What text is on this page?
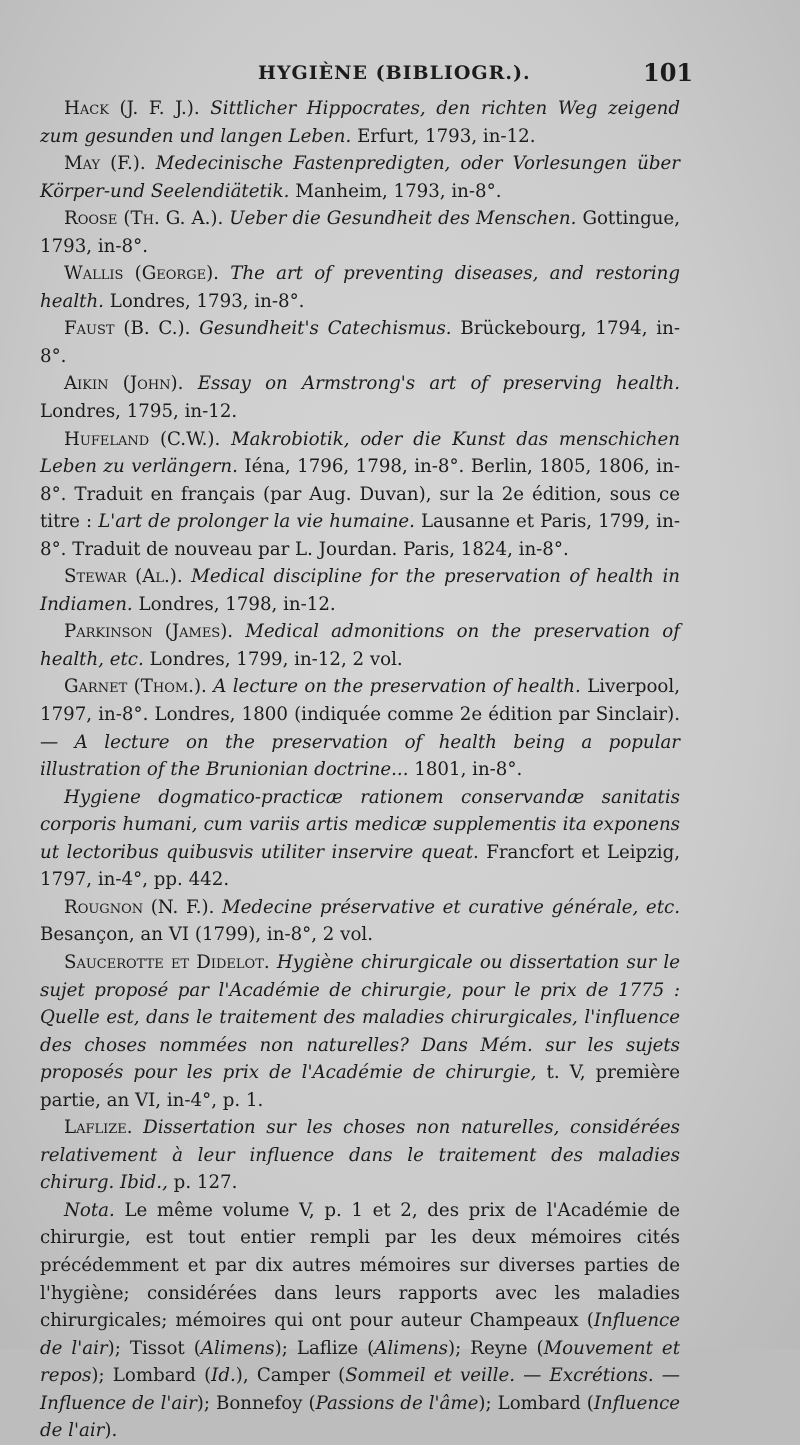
HYGIÈNE (BIBLIOGR.).	101

Hack (J. F. J.). Sittlicher Hippocrates, den richten Weg zeigend zum gesunden und langen Leben. Erfurt, 1793, in-12.

May (F.). Medecinische Fastenpredigten, oder Vorlesungen über Körper-und Seelendiätetik. Manheim, 1793, in-8°.

Roose (Th. G. A.). Ueber die Gesundheit des Menschen. Gottingue, 1793, in-8°.

Wallis (George). The art of preventing diseases, and restoring health. Londres, 1793, in-8°.

Faust (B. C.). Gesundheit's Catechismus. Brückebourg, 1794, in-8°.

Aikin (John). Essay on Armstrong's art of preserving health. Londres, 1795, in-12.

Hufeland (C.W.). Makrobiotik, oder die Kunst das menschichen Leben zu verlängern. Iéna, 1796, 1798, in-8°. Berlin, 1805, 1806, in-8°. Traduit en français (par Aug. Duvan), sur la 2e édition, sous ce titre : L'art de prolonger la vie humaine. Lausanne et Paris, 1799, in-8°. Traduit de nouveau par L. Jourdan. Paris, 1824, in-8°.

Stewar (Al.). Medical discipline for the preservation of health in Indiamen. Londres, 1798, in-12.

Parkinson (James). Medical admonitions on the preservation of health, etc. Londres, 1799, in-12, 2 vol.

Garnet (Thom.). A lecture on the preservation of health. Liverpool, 1797, in-8°. Londres, 1800 (indiquée comme 2e édition par Sinclair). — A lecture on the preservation of health being a popular illustration of the Brunionian doctrine... 1801, in-8°.

Hygiene dogmatico-practicæ rationem conservandæ sanitatis corporis humani, cum variis artis medicæ supplementis ita exponens ut lectoribus quibusvis utiliter inservire queat. Francfort et Leipzig, 1797, in-4°, pp. 442.

Rougnon (N. F.). Medecine préservative et curative générale, etc. Besançon, an VI (1799), in-8°, 2 vol.

Saucerotte et Didelot. Hygiène chirurgicale ou dissertation sur le sujet proposé par l'Académie de chirurgie, pour le prix de 1775 : Quelle est, dans le traitement des maladies chirurgicales, l'influence des choses nommées non naturelles? Dans Mém. sur les sujets proposés pour les prix de l'Académie de chirurgie, t. V, première partie, an VI, in-4°, p. 1.

Laflize. Dissertation sur les choses non naturelles, considérées relativement à leur influence dans le traitement des maladies chirurg. Ibid., p. 127.

Nota. Le même volume V, p. 1 et 2, des prix de l'Académie de chirurgie, est tout entier rempli par les deux mémoires cités précédemment et par dix autres mémoires sur diverses parties de l'hygiène; considérées dans leurs rapports avec les maladies chirurgicales; mémoires qui ont pour auteur Champeaux (Influence de l'air); Tissot (Alimens); Laflize (Alimens); Reyne (Mouvement et repos); Lombard (Id.), Camper (Sommeil et veille. — Excrétions. — Influence de l'air); Bonnefoy (Passions de l'âme); Lombard (Influence de l'air).
